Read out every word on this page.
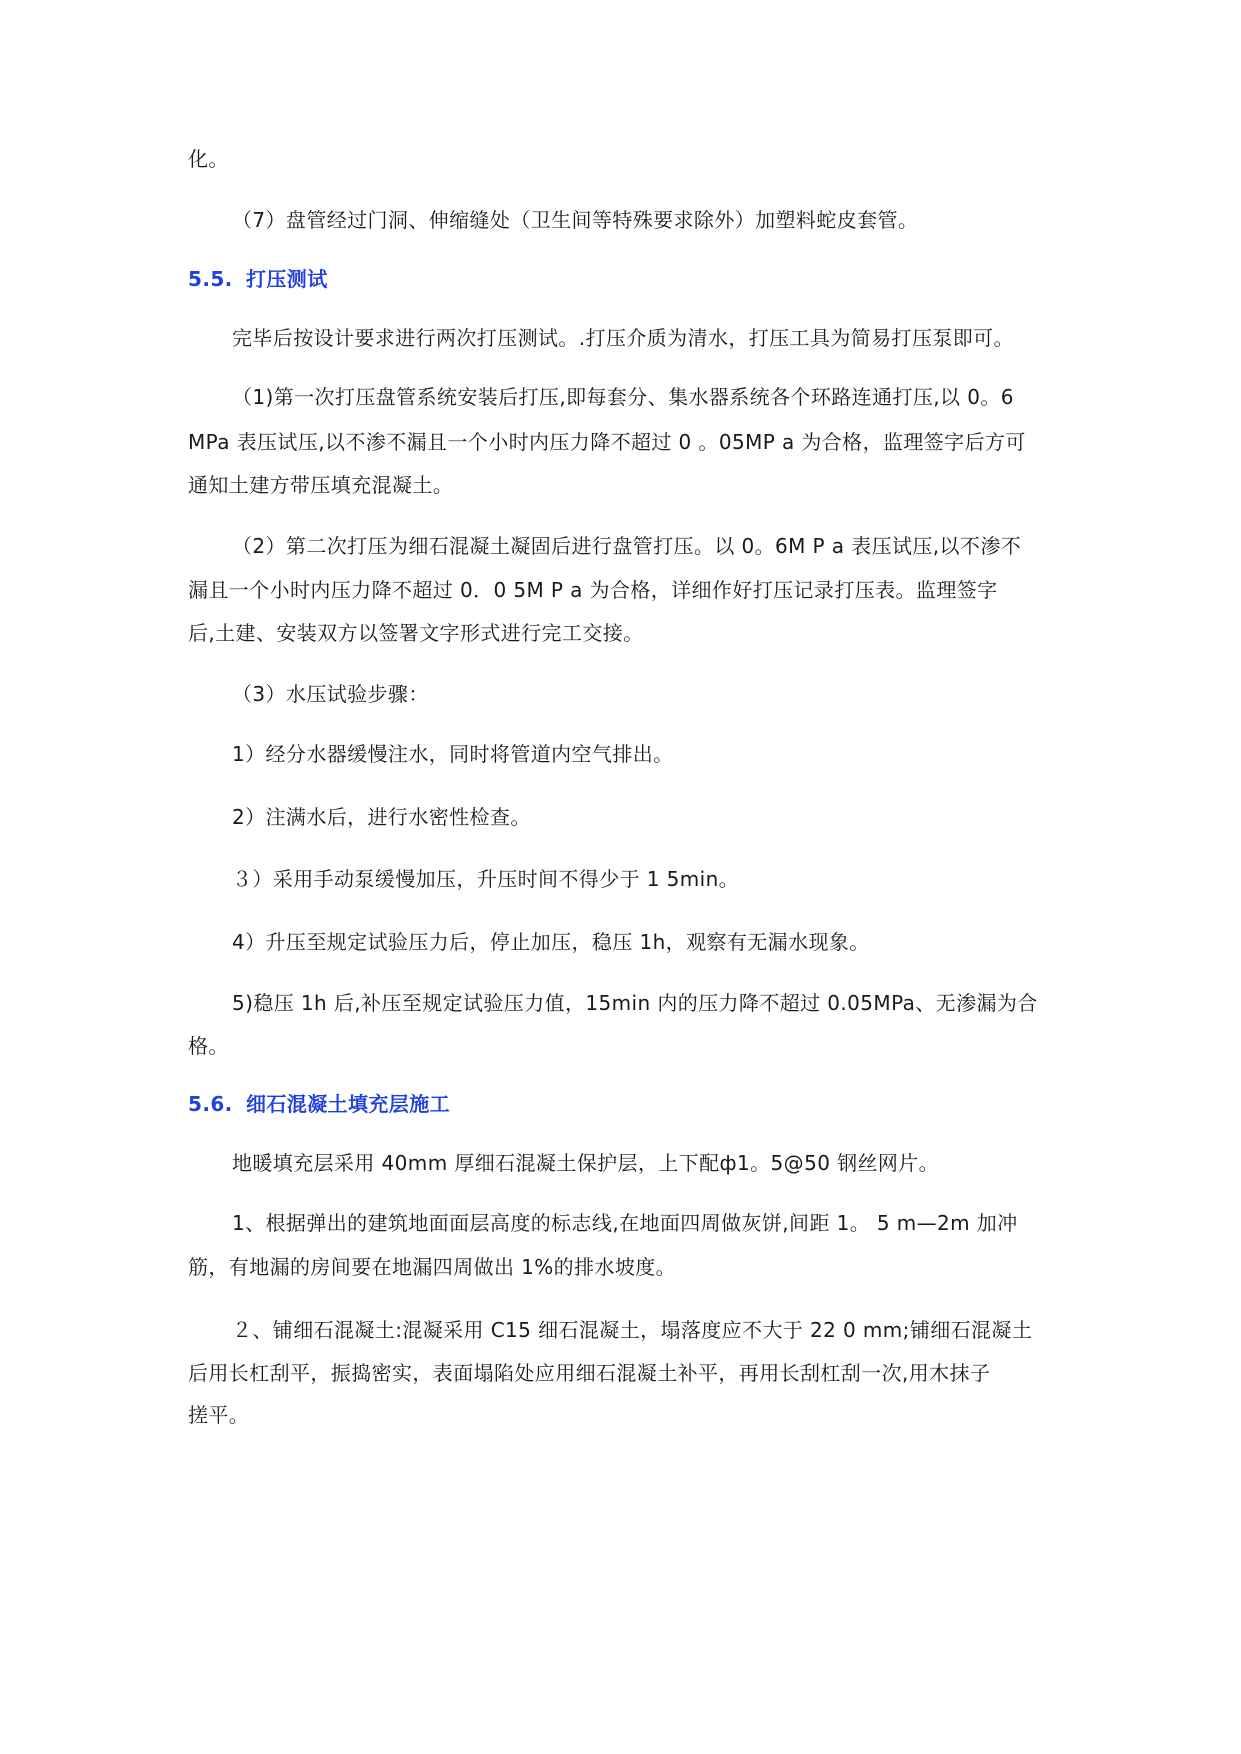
化。
（7）盘管经过门洞、伸缩缝处（卫生间等特殊要求除外）加塑料蛇皮套管。
5.5. 打压测试
完毕后按设计要求进行两次打压测试。.打压介质为清水，打压工具为简易打压泵即可。
（1)第一次打压盘管系统安装后打压,即每套分、集水器系统各个环路连通打压,以 0。6
MPa 表压试压,以不渗不漏且一个小时内压力降不超过 0 。05MP a 为合格，监理签字后方可
通知土建方带压填充混凝土。
（2）第二次打压为细石混凝土凝固后进行盘管打压。以 0。6M P a 表压试压,以不渗不
漏且一个小时内压力降不超过 0．0 5M P a 为合格，详细作好打压记录打压表。监理签字
后,土建、安装双方以签署文字形式进行完工交接。
（3）水压试验步骤：
1）经分水器缓慢注水，同时将管道内空气排出。
2）注满水后，进行水密性检查。
３）采用手动泵缓慢加压，升压时间不得少于 1 5min。
4）升压至规定试验压力后，停止加压，稳压 1h，观察有无漏水现象。
5)稳压 1h 后,补压至规定试验压力值，15min 内的压力降不超过 0.05MPa、无渗漏为合
格。
5.6. 细石混凝土填充层施工
地暖填充层采用 40mm 厚细石混凝土保护层，上下配ф1。5@50 钢丝网片。
1、根据弹出的建筑地面面层高度的标志线,在地面四周做灰饼,间距 1。 5 m—2m 加冲
筋，有地漏的房间要在地漏四周做出 1%的排水坡度。
２、铺细石混凝土:混凝采用 C15 细石混凝土，塌落度应不大于 22 0 mm;铺细石混凝土
后用长杠刮平，振捣密实，表面塌陷处应用细石混凝土补平，再用长刮杠刮一次,用木抹子
搓平。
